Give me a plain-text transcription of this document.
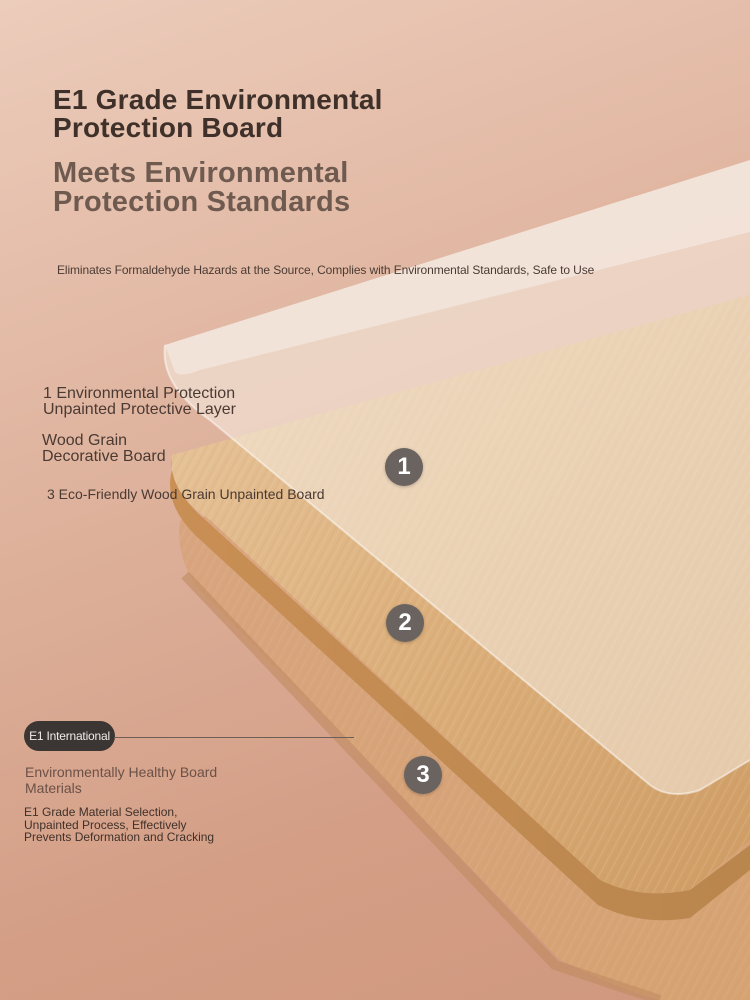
E1 Grade Environmental Protection Board
Meets Environmental Protection Standards
Eliminates Formaldehyde Hazards at the Source, Complies with Environmental Standards, Safe to Use
1 Environmental Protection Unpainted Protective Layer
Wood Grain Decorative Board
3 Eco-Friendly Wood Grain Unpainted Board
1
2
3
E1 International
Environmentally Healthy Board Materials
E1 Grade Material Selection, Unpainted Process, Effectively Prevents Deformation and Cracking
